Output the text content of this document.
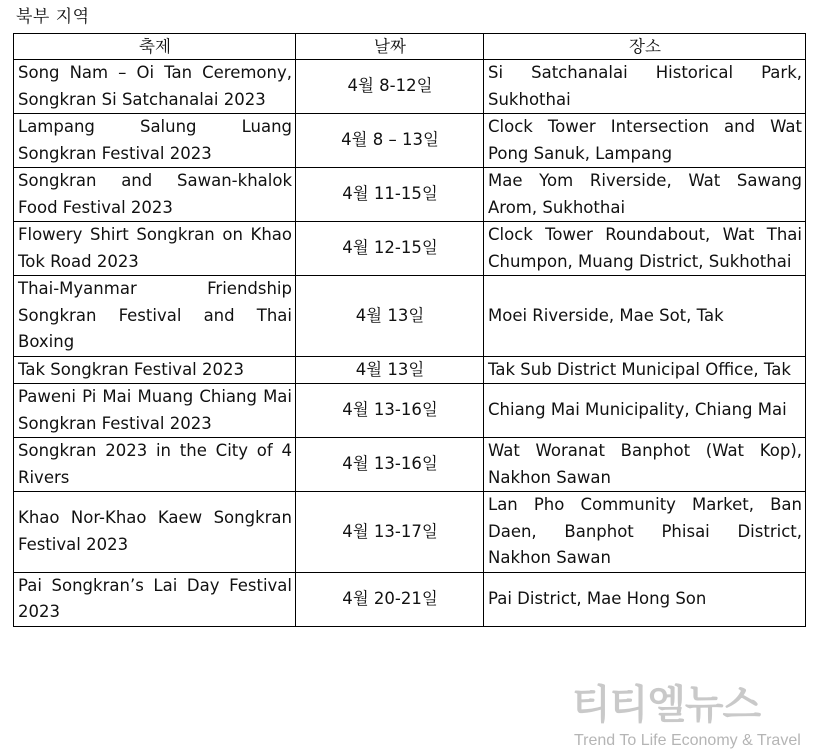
북부 지역
축제	날짜	장소
Song Nam – Oi Tan Ceremony, Songkran Si Satchanalai 2023	4월 8-12일	Si Satchanalai Historical Park, Sukhothai
Lampang Salung Luang Songkran Festival 2023	4월 8 – 13일	Clock Tower Intersection and Wat Pong Sanuk, Lampang
Songkran and Sawan-khalok Food Festival 2023	4월 11-15일	Mae Yom Riverside, Wat Sawang Arom, Sukhothai
Flowery Shirt Songkran on Khao Tok Road 2023	4월 12-15일	Clock Tower Roundabout, Wat Thai Chumpon, Muang District, Sukhothai
Thai-Myanmar Friendship Songkran Festival and Thai Boxing	4월 13일	Moei Riverside, Mae Sot, Tak
Tak Songkran Festival 2023	4월 13일	Tak Sub District Municipal Office, Tak
Paweni Pi Mai Muang Chiang Mai Songkran Festival 2023	4월 13-16일	Chiang Mai Municipality, Chiang Mai
Songkran 2023 in the City of 4 Rivers	4월 13-16일	Wat Woranat Banphot (Wat Kop), Nakhon Sawan
Khao Nor-Khao Kaew Songkran Festival 2023	4월 13-17일	Lan Pho Community Market, Ban Daen, Banphot Phisai District, Nakhon Sawan
Pai Songkran’s Lai Day Festival 2023	4월 20-21일	Pai District, Mae Hong Son
티티엘뉴스
Trend To Life Economy & Travel
